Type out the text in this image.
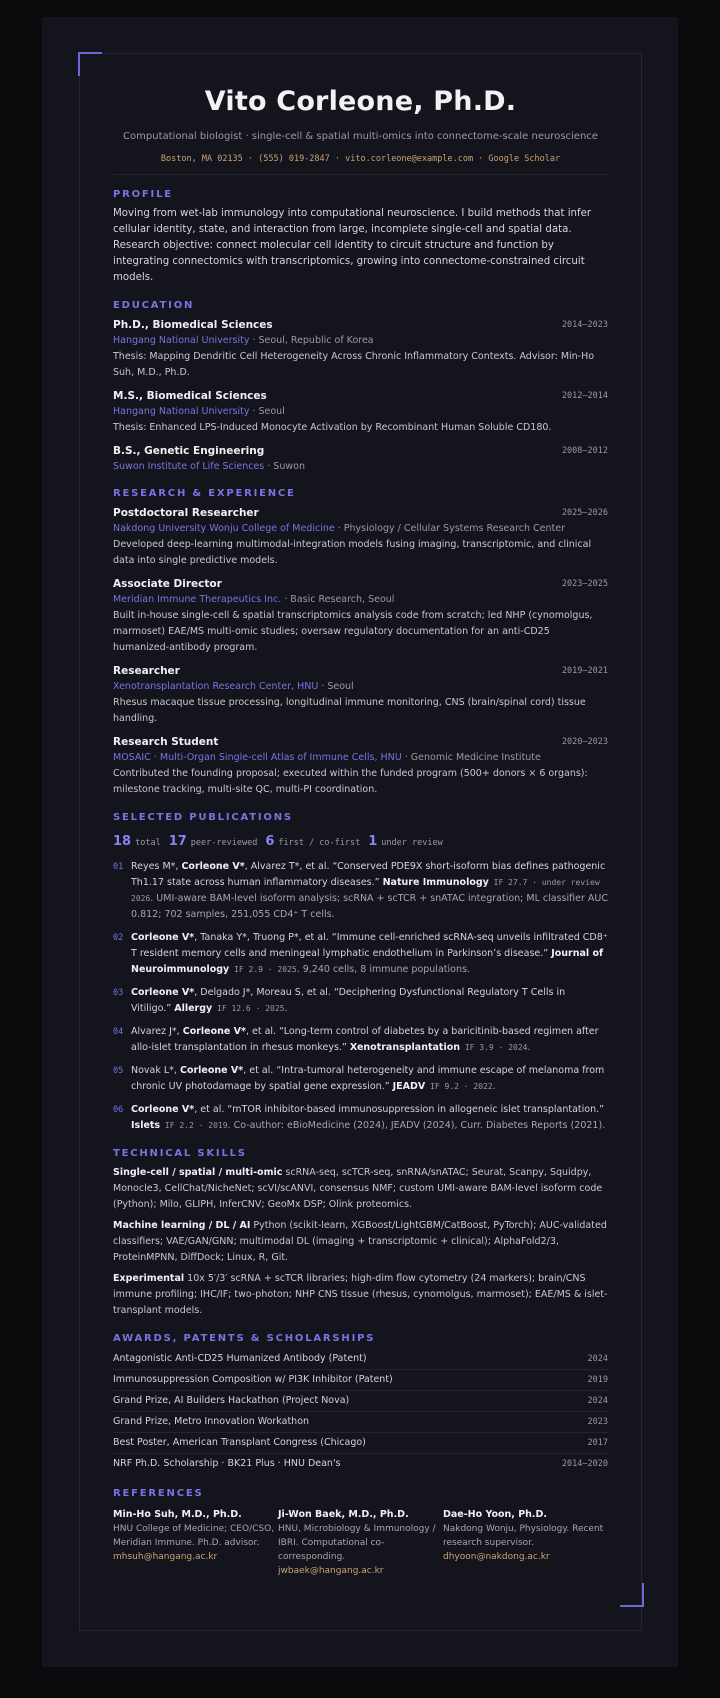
Vito Corleone, Ph.D.
Computational biologist · single-cell & spatial multi-omics into connectome-scale neuroscience
Boston, MA 02135 · (555) 019-2847 · vito.corleone@example.com · Google Scholar
PROFILE
Moving from wet-lab immunology into computational neuroscience. I build methods that infer cellular identity, state, and interaction from large, incomplete single-cell and spatial data. Research objective: connect molecular cell identity to circuit structure and function by integrating connectomics with transcriptomics, growing into connectome-constrained circuit models.
EDUCATION
Ph.D., Biomedical Sciences	2014–2023
Hangang National University · Seoul, Republic of Korea
Thesis: Mapping Dendritic Cell Heterogeneity Across Chronic Inflammatory Contexts. Advisor: Min-Ho Suh, M.D., Ph.D.
M.S., Biomedical Sciences	2012–2014
Hangang National University · Seoul
Thesis: Enhanced LPS-Induced Monocyte Activation by Recombinant Human Soluble CD180.
B.S., Genetic Engineering	2008–2012
Suwon Institute of Life Sciences · Suwon
RESEARCH & EXPERIENCE
Postdoctoral Researcher	2025–2026
Nakdong University Wonju College of Medicine · Physiology / Cellular Systems Research Center
Developed deep-learning multimodal-integration models fusing imaging, transcriptomic, and clinical data into single predictive models.
Associate Director	2023–2025
Meridian Immune Therapeutics Inc. · Basic Research, Seoul
Built in-house single-cell & spatial transcriptomics analysis code from scratch; led NHP (cynomolgus, marmoset) EAE/MS multi-omic studies; oversaw regulatory documentation for an anti-CD25 humanized-antibody program.
Researcher	2019–2021
Xenotransplantation Research Center, HNU · Seoul
Rhesus macaque tissue processing, longitudinal immune monitoring, CNS (brain/spinal cord) tissue handling.
Research Student	2020–2023
MOSAIC · Multi-Organ Single-cell Atlas of Immune Cells, HNU · Genomic Medicine Institute
Contributed the founding proposal; executed within the funded program (500+ donors × 6 organs): milestone tracking, multi-site QC, multi-PI coordination.
SELECTED PUBLICATIONS
18 total 17 peer-reviewed 6 first / co-first 1 under review
01 Reyes M*, Corleone V*, Alvarez T*, et al. “Conserved PDE9X short-isoform bias defines pathogenic Th1.17 state across human inflammatory diseases.” Nature Immunology IF 27.7 · under review 2026. UMI-aware BAM-level isoform analysis; scRNA + scTCR + snATAC integration; ML classifier AUC 0.812; 702 samples, 251,055 CD4⁺ T cells.
02 Corleone V*, Tanaka Y*, Truong P*, et al. “Immune cell-enriched scRNA-seq unveils infiltrated CD8⁺ T resident memory cells and meningeal lymphatic endothelium in Parkinson’s disease.” Journal of Neuroimmunology IF 2.9 · 2025. 9,240 cells, 8 immune populations.
03 Corleone V*, Delgado J*, Moreau S, et al. “Deciphering Dysfunctional Regulatory T Cells in Vitiligo.” Allergy IF 12.6 · 2025.
04 Alvarez J*, Corleone V*, et al. “Long-term control of diabetes by a baricitinib-based regimen after allo-islet transplantation in rhesus monkeys.” Xenotransplantation IF 3.9 · 2024.
05 Novak L*, Corleone V*, et al. “Intra-tumoral heterogeneity and immune escape of melanoma from chronic UV photodamage by spatial gene expression.” JEADV IF 9.2 · 2022.
06 Corleone V*, et al. “mTOR inhibitor-based immunosuppression in allogeneic islet transplantation.” Islets IF 2.2 · 2019. Co-author: eBioMedicine (2024), JEADV (2024), Curr. Diabetes Reports (2021).
TECHNICAL SKILLS
Single-cell / spatial / multi-omic scRNA-seq, scTCR-seq, snRNA/snATAC; Seurat, Scanpy, Squidpy, Monocle3, CellChat/NicheNet; scVI/scANVI, consensus NMF; custom UMI-aware BAM-level isoform code (Python); Milo, GLIPH, InferCNV; GeoMx DSP; Olink proteomics.
Machine learning / DL / AI Python (scikit-learn, XGBoost/LightGBM/CatBoost, PyTorch); AUC-validated classifiers; VAE/GAN/GNN; multimodal DL (imaging + transcriptomic + clinical); AlphaFold2/3, ProteinMPNN, DiffDock; Linux, R, Git.
Experimental 10x 5′/3′ scRNA + scTCR libraries; high-dim flow cytometry (24 markers); brain/CNS immune profiling; IHC/IF; two-photon; NHP CNS tissue (rhesus, cynomolgus, marmoset); EAE/MS & islet-transplant models.
AWARDS, PATENTS & SCHOLARSHIPS
Antagonistic Anti-CD25 Humanized Antibody (Patent)	2024
Immunosuppression Composition w/ PI3K Inhibitor (Patent)	2019
Grand Prize, AI Builders Hackathon (Project Nova)	2024
Grand Prize, Metro Innovation Workathon	2023
Best Poster, American Transplant Congress (Chicago)	2017
NRF Ph.D. Scholarship · BK21 Plus · HNU Dean's	2014–2020
REFERENCES
Min-Ho Suh, M.D., Ph.D.
HNU College of Medicine; CEO/CSO, Meridian Immune. Ph.D. advisor.
mhsuh@hangang.ac.kr
Ji-Won Baek, M.D., Ph.D.
HNU, Microbiology & Immunology / IBRI. Computational co-corresponding.
jwbaek@hangang.ac.kr
Dae-Ho Yoon, Ph.D.
Nakdong Wonju, Physiology. Recent research supervisor.
dhyoon@nakdong.ac.kr
